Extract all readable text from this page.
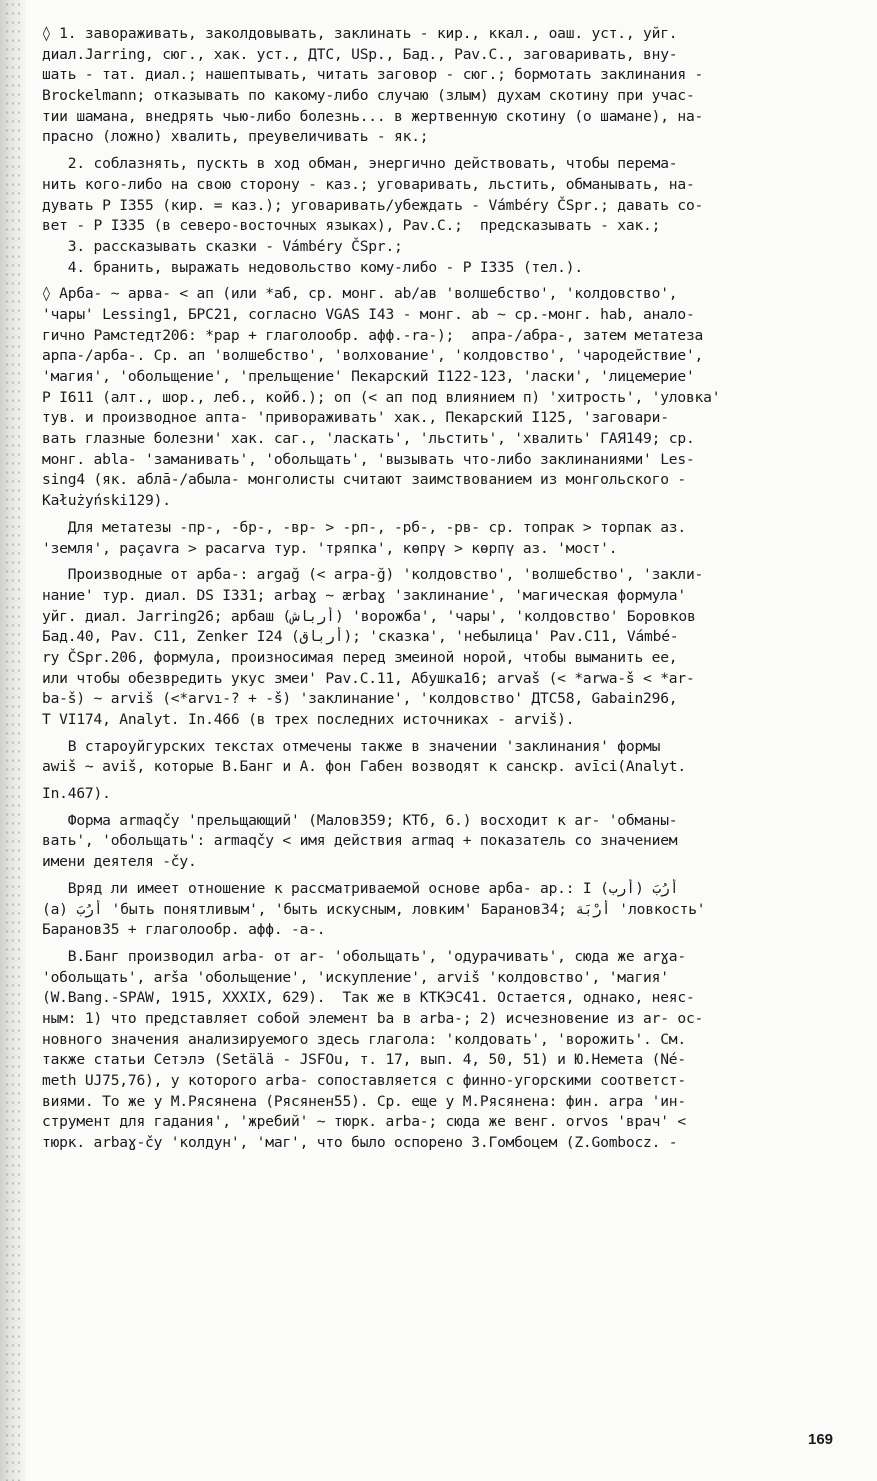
◊ 1. завораживать, заколдовывать, заклинать - кир., ккал., оаш. уст., уйг.
диал.Jarring, сюг., хак. уст., ДТС, USp., Бад., Pav.C., заговаривать, вну-
шать - тат. диал.; нашептывать, читать заговор - сюг.; бормотать заклинания -
Brockelmann; отказывать по какому-либо случаю (злым) духам скотину при учас-
тии шамана, внедрять чью-либо болезнь... в жертвенную скотину (о шамане), на-
прасно (ложно) хвалить, преувеличивать - як.;
2. соблазнять, пускть в ход обман, энергично действовать, чтобы перема-
нить кого-либо на свою сторону - каз.; уговаривать, льстить, обманывать, на-
дувать Р I355 (кир. = каз.); уговаривать/убеждать - Vámbéry ČSpr.; давать со-
вет - Р I335 (в северо-восточных языках), Pav.C.;  предсказывать - хак.;
3. рассказывать сказки - Vámbéry ČSpr.;
4. бранить, выражать недовольство кому-либо - Р I335 (тел.).
◊ Арба- ~ арва- < ап (или *аб, ср. монг. ab/ав 'волшебство', 'колдовство',
'чары' Lessing1, БРС21, согласно VGAS I43 - монг. ab ~ ср.-монг. hab, анало-
гично Рамстедт206: *pap + глаголообр. афф.-ra-);  апра-/абра-, затем метатеза
арпа-/арба-. Ср. ап 'волшебство', 'волхование', 'колдовство', 'чародействие',
'магия', 'обольщение', 'прельщение' Пекарский I122-123, 'ласки', 'лицемерие'
Р I611 (алт., шор., леб., койб.); оп (< ап под влиянием п) 'хитрость', 'уловка'
тув. и производное апта- 'привораживать' хак., Пекарский I125, 'заговари-
вать глазные болезни' хак. саг., 'ласкать', 'льстить', 'хвалить' ГАЯ149; ср.
монг. abla- 'заманивать', 'обольщать', 'вызывать что-либо заклинаниями' Les-
sing4 (як. аблā-/абыла- монголисты считают заимствованием из монгольского -
Kałużyński129).
Для метатезы -пр-, -бр-, -вр- > -рп-, -рб-, -рв- ср. топрак > торпак аз.
'земля', paçavra > pacarva тур. 'тряпка', көпрү > көрпү аз. 'мост'.
Производные от арба-: argağ (< arpa-ğ) 'колдовство', 'волшебство', 'закли-
нание' тур. диал. DS I331; arbaɣ ~ ærbaɣ 'заклинание', 'магическая формула'
уйг. диал. Jarring26; арбаш (أرباش) 'ворожба', 'чары', 'колдовство' Боровков
Бад.40, Pav. C11, Zenker I24 (أرباق); 'сказка', 'небылица' Pav.C11, Vámbé-
ry ČSpr.206, формула, произносимая перед змеиной норой, чтобы выманить ее,
или чтобы обезвредить укус змеи' Pav.C.11, Абушка16; arvaš (< *arwa-š < *ar-
ba-š) ~ arviš (<*arvı-? + -š) 'заклинание', 'колдовство' ДТС58, Gabain296,
Т VI174, Analyt. In.466 (в трех последних источниках - arviš).
В староуйгурских текстах отмечены также в значении 'заклинания' формы
awiš ~ aviš, которые В.Банг и А. фон Габен возводят к санскр. avīci(Analyt.
In.467).
Форма armaqčy 'прельщающий' (Малов359; КТб, 6.) восходит к ar- 'обманы-
вать', 'обольщать': armaqčy < имя действия armaq + показатель со значением
имени деятеля -čy.
Вряд ли имеет отношение к рассматриваемой основе арба- ар.: I (أرب) أَرُبَ
(a) أَرُبَ 'быть понятливым', 'быть искусным, ловким' Баранов34; أَرْبَة 'ловкость'
Баранов35 + глаголообр. афф. -а-.
В.Банг производил arba- от ar- 'обольщать', 'одурачивать', сюда же arɣa-
'обольщать', arša 'обольщение', 'искупление', arviš 'колдовство', 'магия'
(W.Bang.-SPAW, 1915, XXXIX, 629).  Так же в КТКЭС41. Остается, однако, неяс-
ным: 1) что представляет собой элемент ba в arba-; 2) исчезновение из ar- ос-
новного значения анализируемого здесь глагола: 'колдовать', 'ворожить'. См.
также статьи Сетэлэ (Setälä - JSFOu, т. 17, вып. 4, 50, 51) и Ю.Немета (Né-
meth UJ75,76), у которого arba- сопоставляется с финно-угорскими соответст-
виями. То же у М.Рясянена (Рясянен55). Ср. еще у М.Рясянена: фин. arpa 'ин-
струмент для гадания', 'жребий' ~ тюрк. arba-; сюда же венг. orvos 'врач' <
тюрк. arbaɣ-čy 'колдун', 'маг', что было оспорено З.Гомбоцем (Z.Gombocz. -
169
